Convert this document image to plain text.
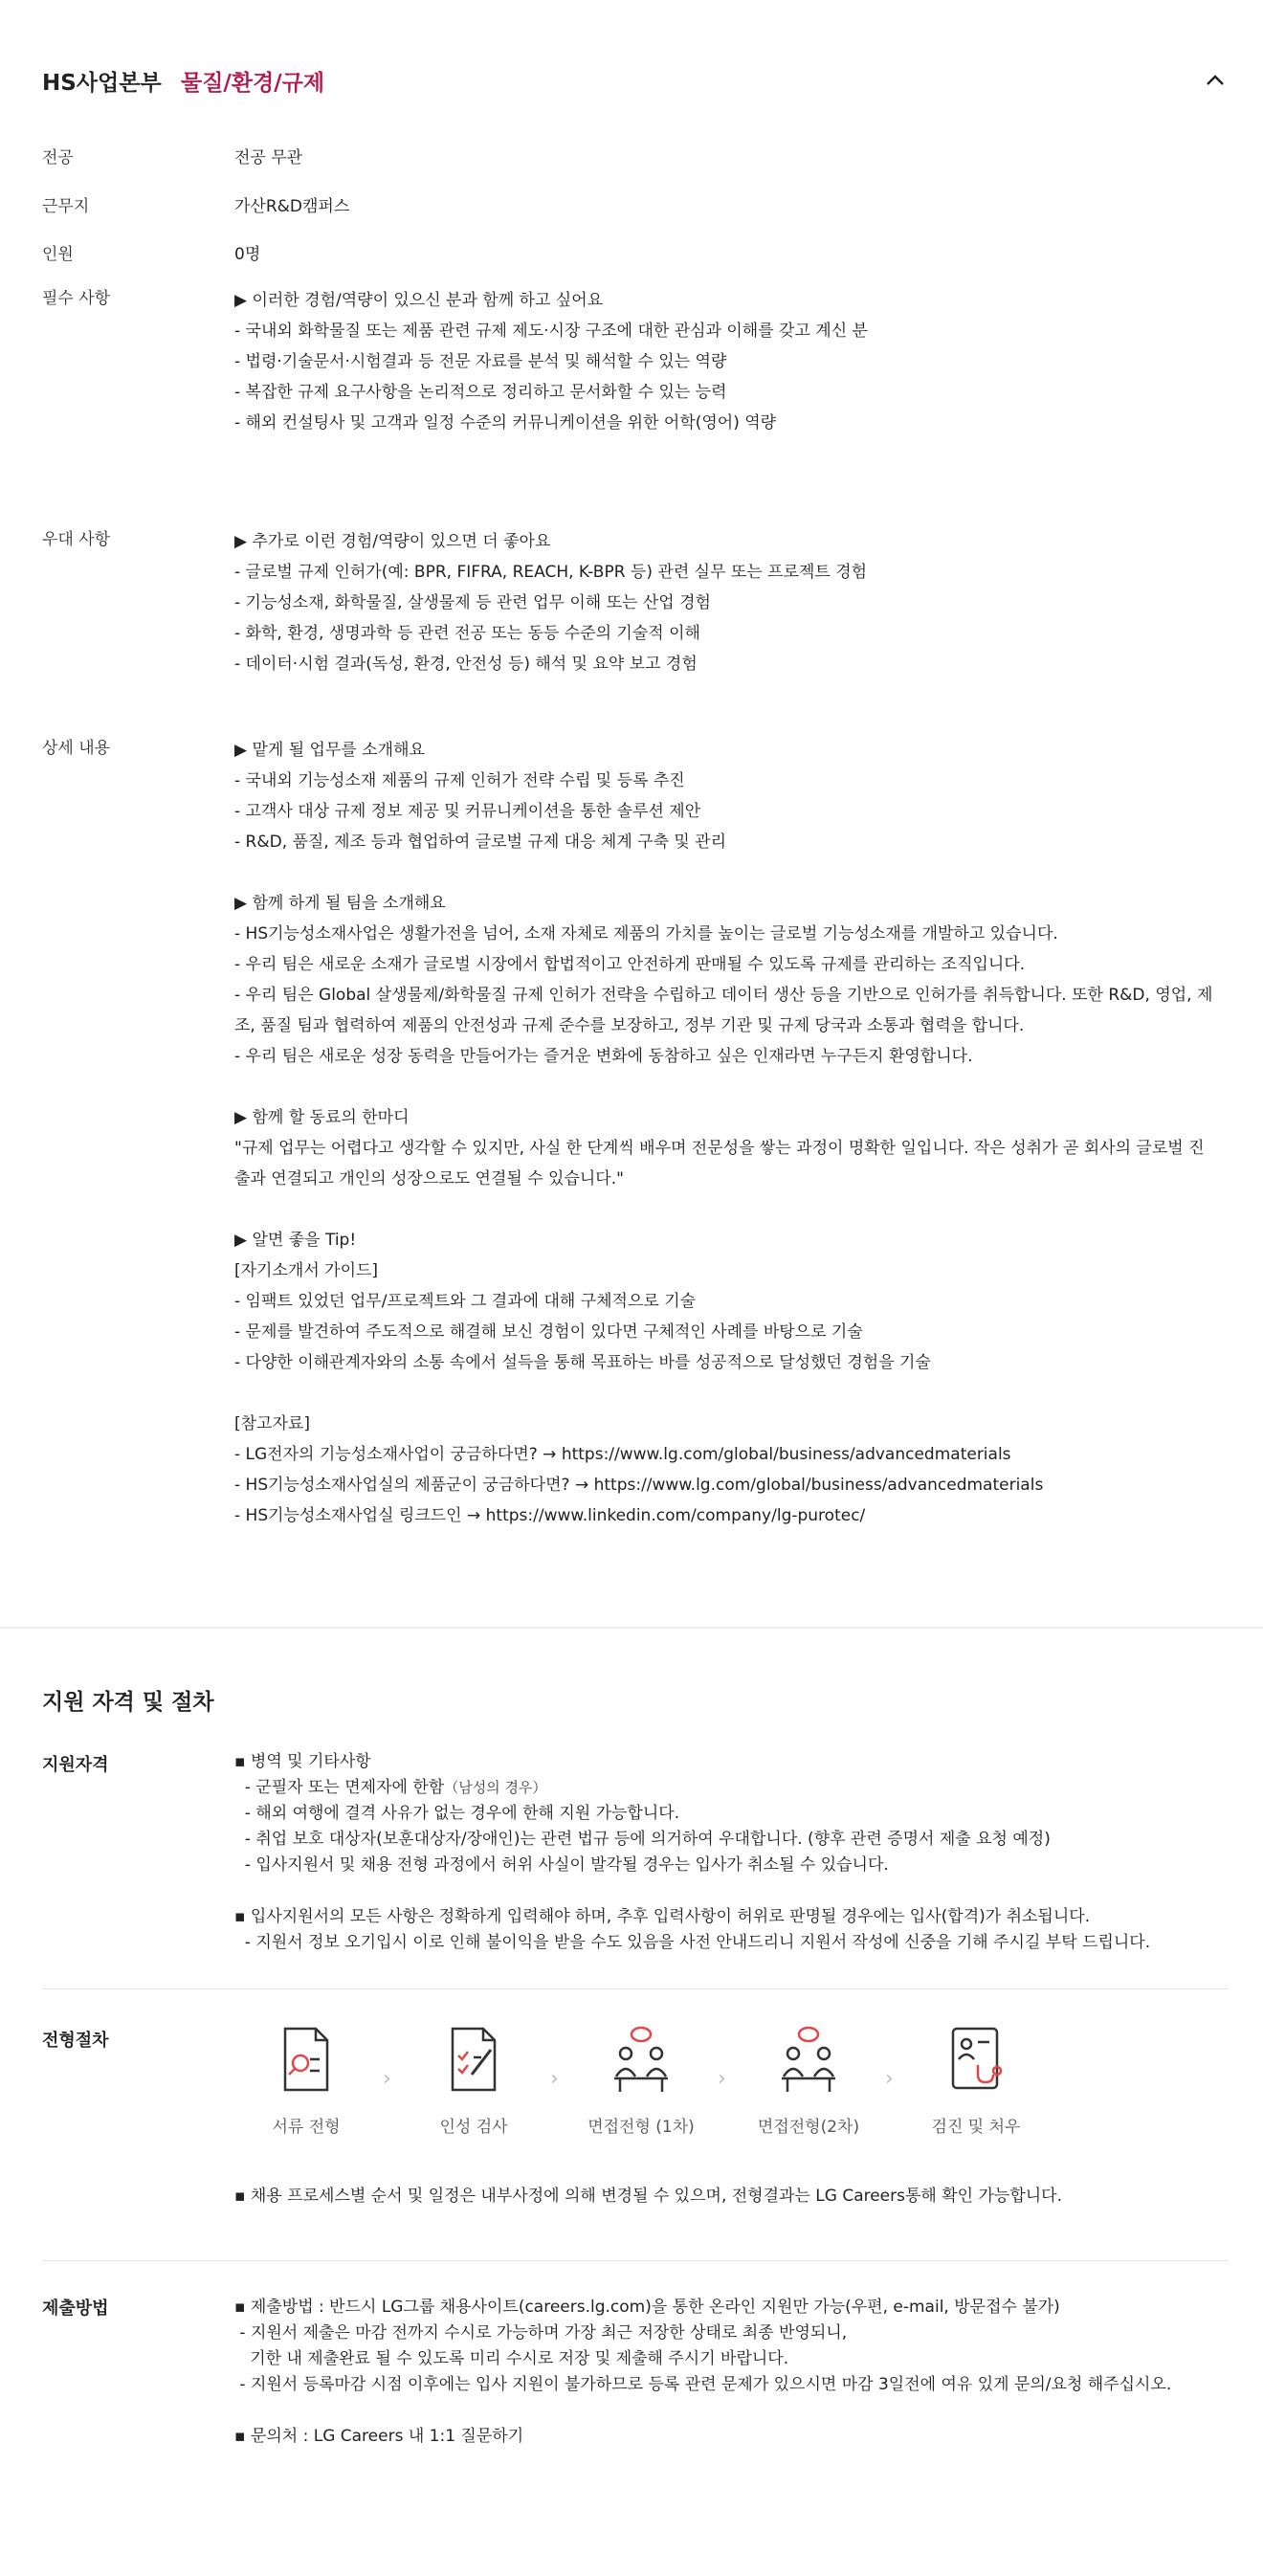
HS사업본부 물질/환경/규제
전공	전공 무관
근무지	가산R&D캠퍼스
인원	0명
필수 사항	▶ 이러한 경험/역량이 있으신 분과 함께 하고 싶어요
- 국내외 화학물질 또는 제품 관련 규제 제도·시장 구조에 대한 관심과 이해를 갖고 계신 분
- 법령·기술문서·시험결과 등 전문 자료를 분석 및 해석할 수 있는 역량
- 복잡한 규제 요구사항을 논리적으로 정리하고 문서화할 수 있는 능력
- 해외 컨설팅사 및 고객과 일정 수준의 커뮤니케이션을 위한 어학(영어) 역량
우대 사항	▶ 추가로 이런 경험/역량이 있으면 더 좋아요
- 글로벌 규제 인허가(예: BPR, FIFRA, REACH, K-BPR 등) 관련 실무 또는 프로젝트 경험
- 기능성소재, 화학물질, 살생물제 등 관련 업무 이해 또는 산업 경험
- 화학, 환경, 생명과학 등 관련 전공 또는 동등 수준의 기술적 이해
- 데이터·시험 결과(독성, 환경, 안전성 등) 해석 및 요약 보고 경험
상세 내용	▶ 맡게 될 업무를 소개해요
- 국내외 기능성소재 제품의 규제 인허가 전략 수립 및 등록 추진
- 고객사 대상 규제 정보 제공 및 커뮤니케이션을 통한 솔루션 제안
- R&D, 품질, 제조 등과 협업하여 글로벌 규제 대응 체계 구축 및 관리

▶ 함께 하게 될 팀을 소개해요
- HS기능성소재사업은 생활가전을 넘어, 소재 자체로 제품의 가치를 높이는 글로벌 기능성소재를 개발하고 있습니다.
- 우리 팀은 새로운 소재가 글로벌 시장에서 합법적이고 안전하게 판매될 수 있도록 규제를 관리하는 조직입니다.
- 우리 팀은 Global 살생물제/화학물질 규제 인허가 전략을 수립하고 데이터 생산 등을 기반으로 인허가를 취득합니다. 또한 R&D, 영업, 제
조, 품질 팀과 협력하여 제품의 안전성과 규제 준수를 보장하고, 정부 기관 및 규제 당국과 소통과 협력을 합니다.
- 우리 팀은 새로운 성장 동력을 만들어가는 즐거운 변화에 동참하고 싶은 인재라면 누구든지 환영합니다.

▶ 함께 할 동료의 한마디
"규제 업무는 어렵다고 생각할 수 있지만, 사실 한 단계씩 배우며 전문성을 쌓는 과정이 명확한 일입니다. 작은 성취가 곧 회사의 글로벌 진
출과 연결되고 개인의 성장으로도 연결될 수 있습니다."

▶ 알면 좋을 Tip!
[자기소개서 가이드]
- 임팩트 있었던 업무/프로젝트와 그 결과에 대해 구체적으로 기술
- 문제를 발견하여 주도적으로 해결해 보신 경험이 있다면 구체적인 사례를 바탕으로 기술
- 다양한 이해관계자와의 소통 속에서 설득을 통해 목표하는 바를 성공적으로 달성했던 경험을 기술

[참고자료]
- LG전자의 기능성소재사업이 궁금하다면? → https://www.lg.com/global/business/advancedmaterials
- HS기능성소재사업실의 제품군이 궁금하다면? → https://www.lg.com/global/business/advancedmaterials
- HS기능성소재사업실 링크드인 → https://www.linkedin.com/company/lg-purotec/
지원 자격 및 절차
지원자격	▪ 병역 및 기타사항
- 군필자 또는 면제자에 한함（남성의 경우）
- 해외 여행에 결격 사유가 없는 경우에 한해 지원 가능합니다.
- 취업 보호 대상자(보훈대상자/장애인)는 관련 법규 등에 의거하여 우대합니다. (향후 관련 증명서 제출 요청 예정)
- 입사지원서 및 채용 전형 과정에서 허위 사실이 발각될 경우는 입사가 취소될 수 있습니다.

▪ 입사지원서의 모든 사항은 정확하게 입력해야 하며, 추후 입력사항이 허위로 판명될 경우에는 입사(합격)가 취소됩니다.
- 지원서 정보 오기입시 이로 인해 불이익을 받을 수도 있음을 사전 안내드리니 지원서 작성에 신중을 기해 주시길 부탁 드립니다.
전형절차
서류 전형
›
인성 검사
›
면접전형 (1차)
›
면접전형(2차)
›
검진 및 처우
▪ 채용 프로세스별 순서 및 일정은 내부사정에 의해 변경될 수 있으며, 전형결과는 LG Careers통해 확인 가능합니다.
제출방법	▪ 제출방법 : 반드시 LG그룹 채용사이트(careers.lg.com)을 통한 온라인 지원만 가능(우편, e-mail, 방문접수 불가)
- 지원서 제출은 마감 전까지 수시로 가능하며 가장 최근 저장한 상태로 최종 반영되니,
기한 내 제출완료 될 수 있도록 미리 수시로 저장 및 제출해 주시기 바랍니다.
- 지원서 등록마감 시점 이후에는 입사 지원이 불가하므로 등록 관련 문제가 있으시면 마감 3일전에 여유 있게 문의/요청 해주십시오.

▪ 문의처 : LG Careers 내 1:1 질문하기
